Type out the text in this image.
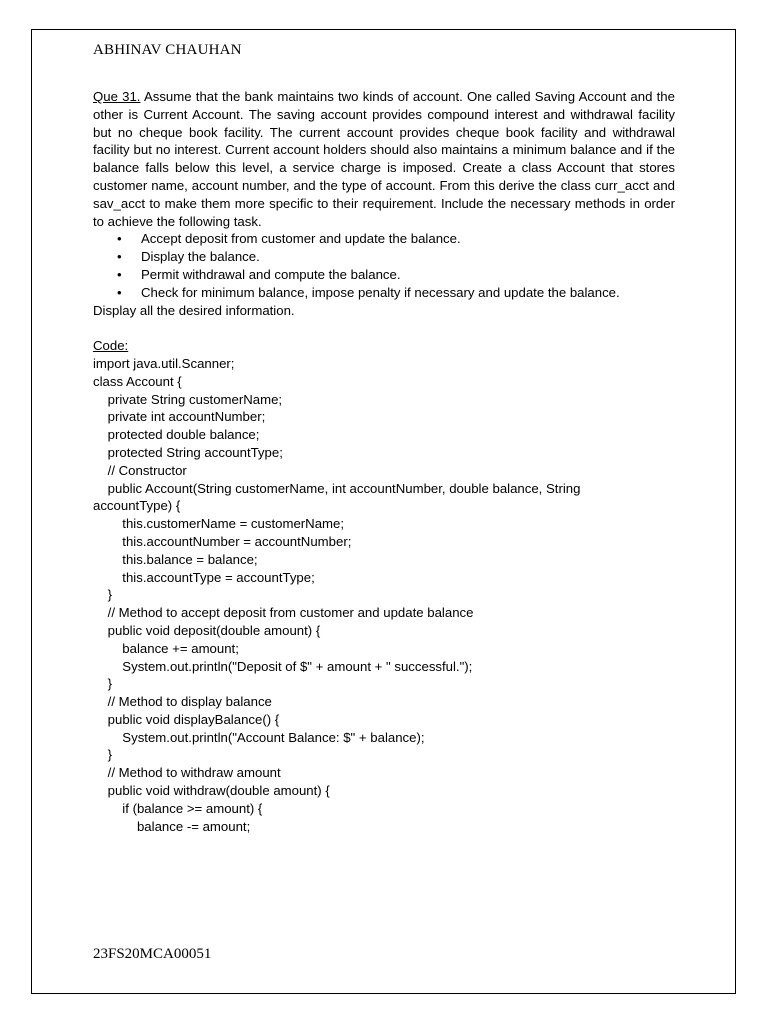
ABHINAV CHAUHAN

Que 31. Assume that the bank maintains two kinds of account. One called Saving Account and the other is Current Account. The saving account provides compound interest and withdrawal facility but no cheque book facility. The current account provides cheque book facility and withdrawal facility but no interest. Current account holders should also maintains a minimum balance and if the balance falls below this level, a service charge is imposed. Create a class Account that stores customer name, account number, and the type of account. From this derive the class curr_acct and sav_acct to make them more specific to their requirement. Include the necessary methods in order to achieve the following task.

• Accept deposit from customer and update the balance.
• Display the balance.
• Permit withdrawal and compute the balance.
• Check for minimum balance, impose penalty if necessary and update the balance.
Display all the desired information.
Code:
import java.util.Scanner;
class Account {
private String customerName;
private int accountNumber;
protected double balance;
protected String accountType;
// Constructor
public Account(String customerName, int accountNumber, double balance, String
accountType) {
this.customerName = customerName;
this.accountNumber = accountNumber;
this.balance = balance;
this.accountType = accountType;
}
// Method to accept deposit from customer and update balance
public void deposit(double amount) {
balance += amount;
System.out.println("Deposit of $" + amount + " successful.");
}
// Method to display balance
public void displayBalance() {
System.out.println("Account Balance: $" + balance);
}
// Method to withdraw amount
public void withdraw(double amount) {
if (balance >= amount) {
balance -= amount;
23FS20MCA00051
